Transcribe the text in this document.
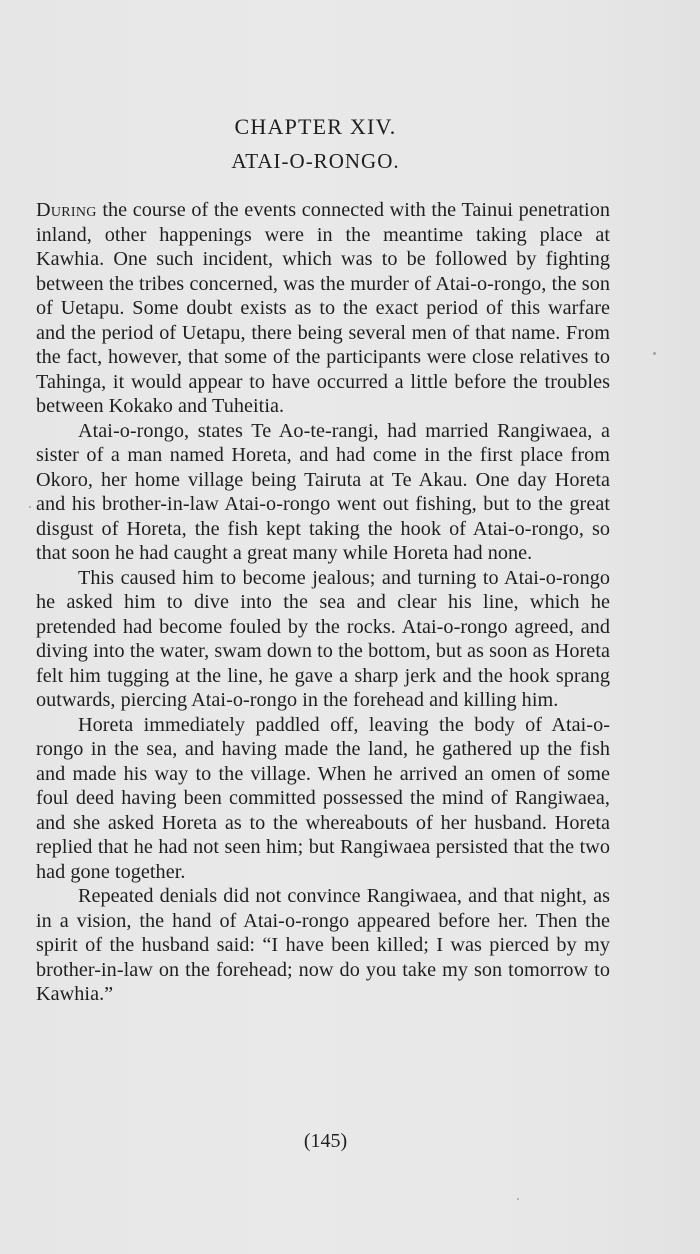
CHAPTER XIV.
ATAI-O-RONGO.

During the course of the events connected with the Tainui penetration inland, other happenings were in the meantime taking place at Kawhia. One such incident, which was to be followed by fighting between the tribes concerned, was the murder of Atai-o-rongo, the son of Uetapu. Some doubt exists as to the exact period of this warfare and the period of Uetapu, there being several men of that name. From the fact, however, that some of the participants were close relatives to Tahinga, it would appear to have occurred a little before the troubles between Kokako and Tuheitia.

Atai-o-rongo, states Te Ao-te-rangi, had married Rangiwaea, a sister of a man named Horeta, and had come in the first place from Okoro, her home village being Tairuta at Te Akau. One day Horeta and his brother-in-law Atai-o-rongo went out fishing, but to the great disgust of Horeta, the fish kept taking the hook of Atai-o-rongo, so that soon he had caught a great many while Horeta had none.

This caused him to become jealous; and turning to Atai-o-rongo he asked him to dive into the sea and clear his line, which he pretended had become fouled by the rocks. Atai-o-rongo agreed, and diving into the water, swam down to the bottom, but as soon as Horeta felt him tugging at the line, he gave a sharp jerk and the hook sprang outwards, piercing Atai-o-rongo in the forehead and killing him.

Horeta immediately paddled off, leaving the body of Atai-o-rongo in the sea, and having made the land, he gathered up the fish and made his way to the village. When he arrived an omen of some foul deed having been committed possessed the mind of Rangiwaea, and she asked Horeta as to the whereabouts of her husband. Horeta replied that he had not seen him; but Rangiwaea persisted that the two had gone together.

Repeated denials did not convince Rangiwaea, and that night, as in a vision, the hand of Atai-o-rongo appeared before her. Then the spirit of the husband said: “I have been killed; I was pierced by my brother-in-law on the forehead; now do you take my son tomorrow to Kawhia.”

(145)
